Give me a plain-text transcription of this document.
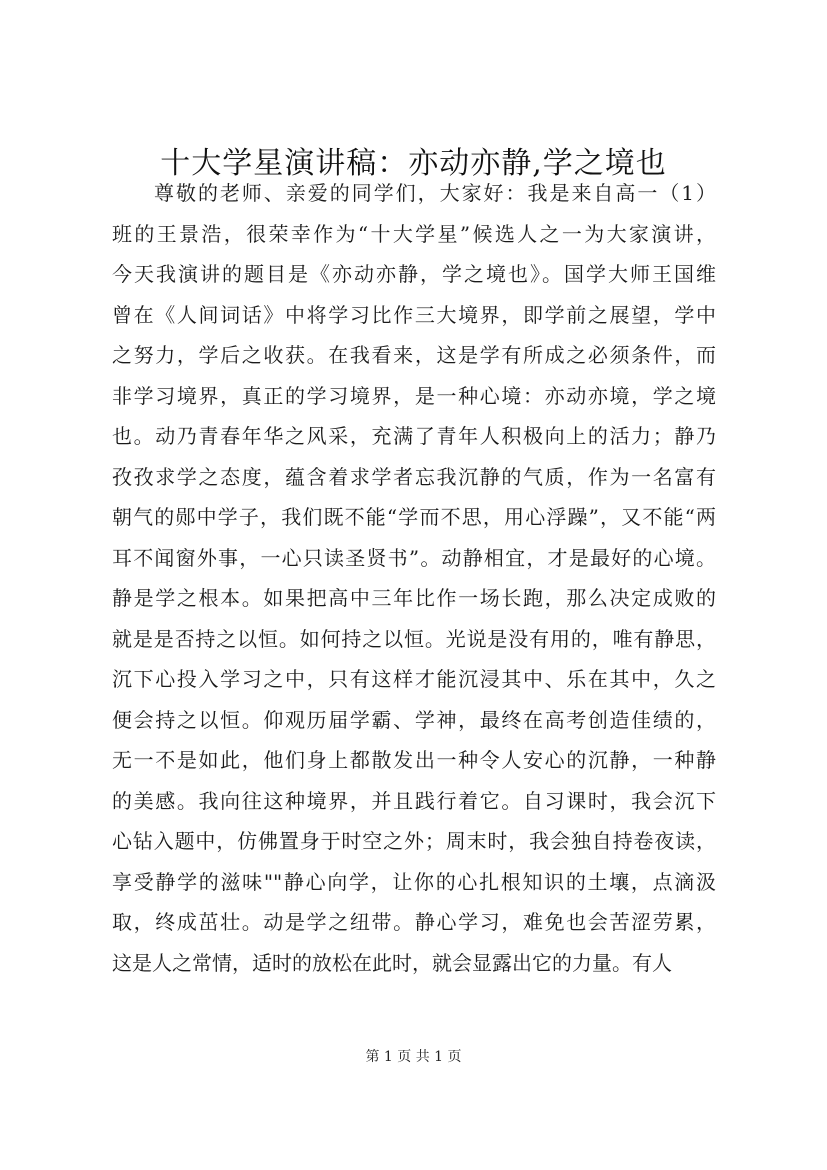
十大学星演讲稿：亦动亦静,学之境也
尊敬的老师、亲爱的同学们，大家好：我是来自高一（1）
班的王景浩，很荣幸作为“十大学星”候选人之一为大家演讲，
今天我演讲的题目是《亦动亦静，学之境也》。国学大师王国维
曾在《人间词话》中将学习比作三大境界，即学前之展望，学中
之努力，学后之收获。在我看来，这是学有所成之必须条件，而
非学习境界，真正的学习境界，是一种心境：亦动亦境，学之境
也。动乃青春年华之风采，充满了青年人积极向上的活力；静乃
孜孜求学之态度，蕴含着求学者忘我沉静的气质，作为一名富有
朝气的郧中学子，我们既不能“学而不思，用心浮躁”，又不能“两
耳不闻窗外事，一心只读圣贤书”。动静相宜，才是最好的心境。
静是学之根本。如果把高中三年比作一场长跑，那么决定成败的
就是是否持之以恒。如何持之以恒。光说是没有用的，唯有静思，
沉下心投入学习之中，只有这样才能沉浸其中、乐在其中，久之
便会持之以恒。仰观历届学霸、学神，最终在高考创造佳绩的，
无一不是如此，他们身上都散发出一种令人安心的沉静，一种静
的美感。我向往这种境界，并且践行着它。自习课时，我会沉下
心钻入题中，仿佛置身于时空之外；周末时，我会独自持卷夜读，
享受静学的滋味""静心向学，让你的心扎根知识的土壤，点滴汲
取，终成茁壮。动是学之纽带。静心学习，难免也会苦涩劳累，
这是人之常情，适时的放松在此时，就会显露出它的力量。有人
第 1 页 共 1 页
